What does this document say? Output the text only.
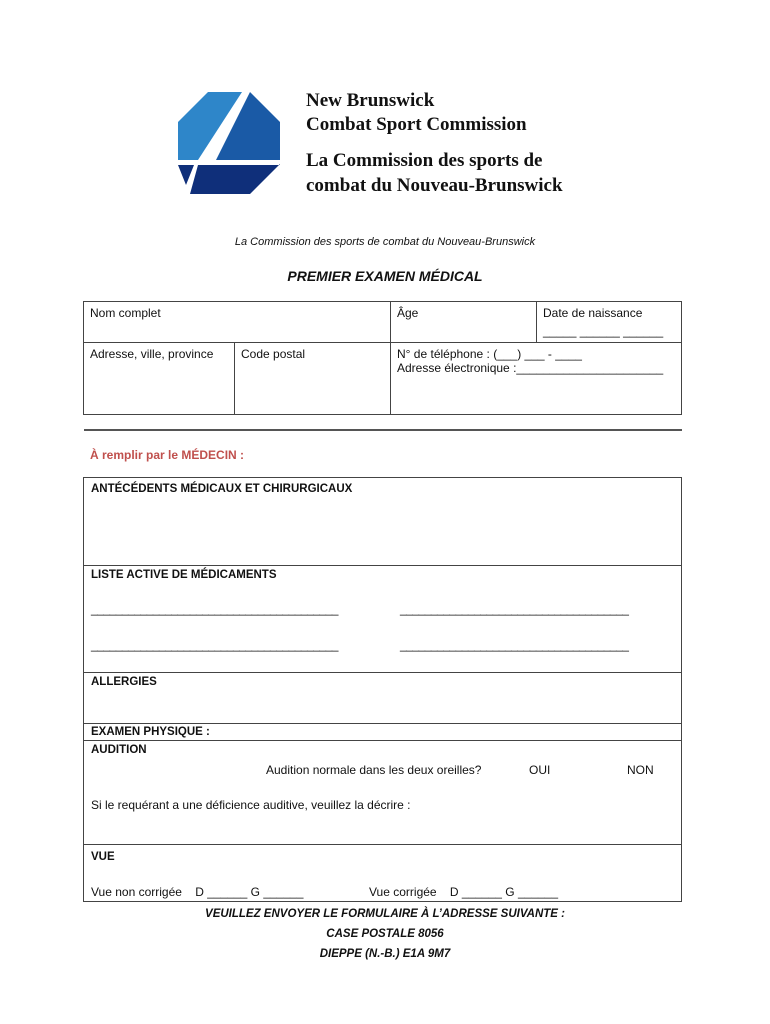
New Brunswick
Combat Sport Commission
La Commission des sports de
combat du Nouveau-Brunswick
La Commission des sports de combat du Nouveau-Brunswick
PREMIER EXAMEN MÉDICAL
Nom complet		Âge	Date de naissance
_____ ______ ______

Adresse, ville, province	Code postal	N° de téléphone : (___) ___ - ____
Adresse électronique :______________________	
À remplir par le MÉDECIN :
ANTÉCÉDENTS MÉDICAUX ET CHIRURGICAUX
LISTE ACTIVE DE MÉDICAMENTS
________________________________________	_____________________________________
________________________________________	_____________________________________
ALLERGIES
EXAMEN PHYSIQUE :
AUDITION
Audition normale dans les deux oreilles?	OUI	NON
Si le requérant a une déficience auditive, veuillez la décrire :
VUE
Vue non corrigée    D ______ G ______	Vue corrigée    D ______ G ______
VEUILLEZ ENVOYER LE FORMULAIRE À L’ADRESSE SUIVANTE :
CASE POSTALE 8056
DIEPPE (N.-B.) E1A 9M7
